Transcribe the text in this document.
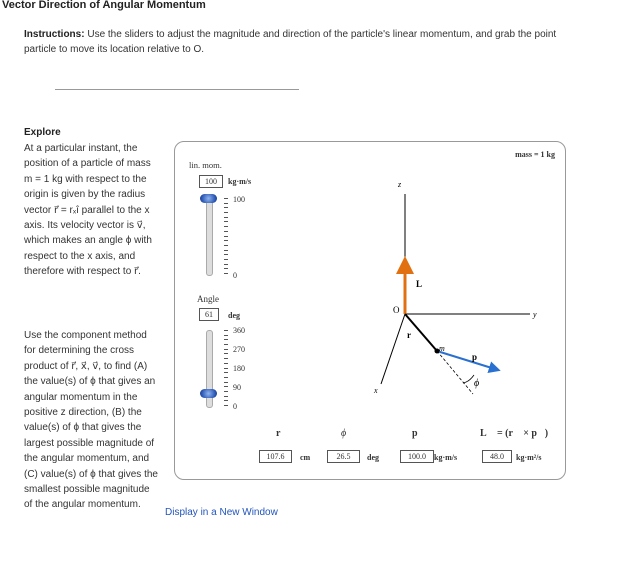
Vector Direction of Angular Momentum
Instructions: Use the sliders to adjust the magnitude and direction of the particle's linear momentum, and grab the point particle to move its location relative to O.
Explore
At a particular instant, the position of a particle of mass m = 1 kg with respect to the origin is given by the radius vector r⃗ = rₓî parallel to the x axis. Its velocity vector is v⃗, which makes an angle ϕ with respect to the x axis, and therefore with respect to r⃗.
Use the component method for determining the cross product of r⃗, x⃗, v⃗, to find (A) the value(s) of ϕ that gives an angular momentum in the positive z direction, (B) the value(s) of ϕ that gives the largest possible magnitude of the angular momentum, and (C) value(s) of ϕ that gives the smallest possible magnitude of the angular momentum.
Display in a New Window
mass = 1 kg
lin. mom.
100	kg·m/s
100
0
Angle
61	deg
360
270
180
90
0
z
y
x
O
L⃗
r⃗
p⃗
m
ϕ
r⃗
107.6	cm
ϕ
26.5	deg
p⃗
100.0	kg·m/s
L⃗ = (r⃗ × p⃗)
48.0	kg·m²/s
